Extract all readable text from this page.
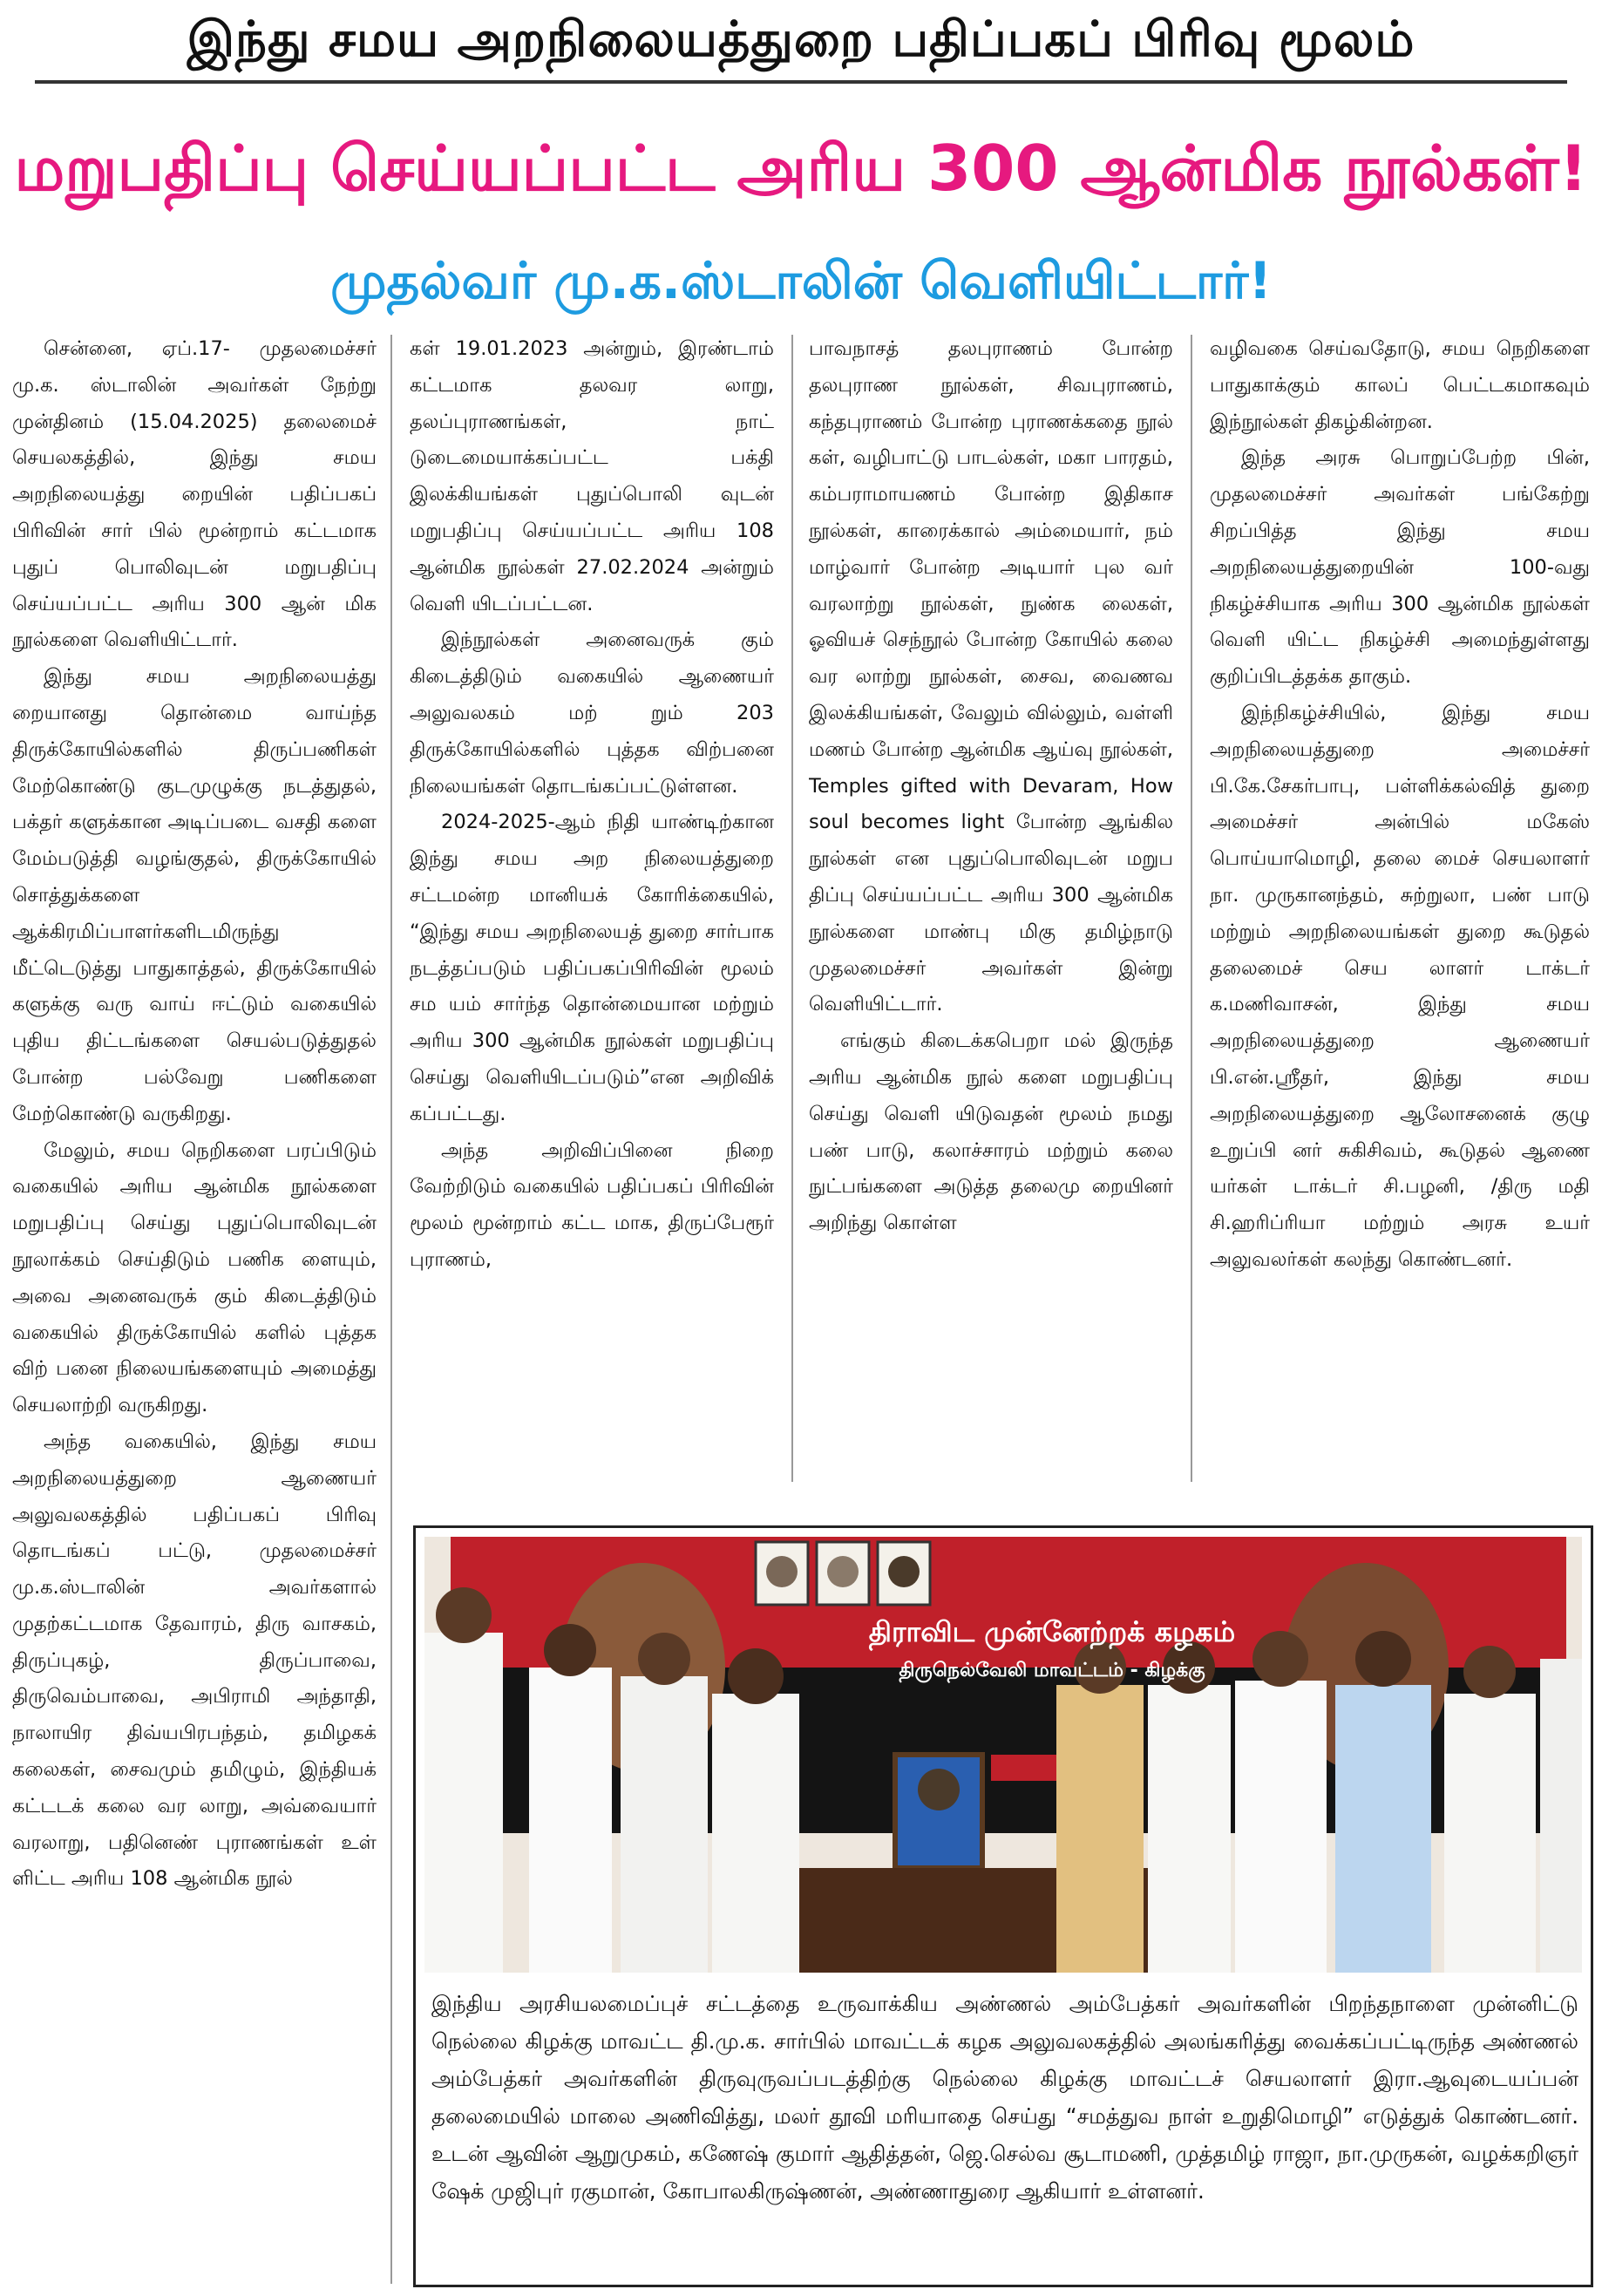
இந்து சமய அறநிலையத்துறை பதிப்பகப் பிரிவு மூலம்
மறுபதிப்பு செய்யப்பட்ட அரிய 300 ஆன்மிக நூல்கள்!
முதல்வர் மு.க.ஸ்டாலின் வெளியிட்டார்!

சென்னை, ஏப்.17- முதலமைச்சர் மு.க. ஸ்டாலின் அவர்கள் நேற்று முன்தினம் (15.04.2025) தலைமைச் செயலகத்தில், இந்து சமய அறநிலையத்து றையின் பதிப்பகப் பிரிவின் சார் பில் மூன்றாம் கட்டமாக புதுப் பொலிவுடன் மறுபதிப்பு செய்யப்பட்ட அரிய 300 ஆன் மிக நூல்களை வெளியிட்டார்.

இந்து சமய அறநிலையத்து றையானது தொன்மை வாய்ந்த திருக்கோயில்களில் திருப்பணிகள் மேற்கொண்டு குடமுழுக்கு நடத்துதல், பக்தர் களுக்கான அடிப்படை வசதி களை மேம்படுத்தி வழங்குதல், திருக்கோயில் சொத்துக்களை ஆக்கிரமிப்பாளர்களிடமிருந்து மீட்டெடுத்து பாதுகாத்தல், திருக்கோயில் களுக்கு வரு வாய் ஈட்டும் வகையில் புதிய திட்டங்களை செயல்படுத்துதல் போன்ற பல்வேறு பணிகளை மேற்கொண்டு வருகிறது.

மேலும், சமய நெறிகளை பரப்பிடும் வகையில் அரிய ஆன்மிக நூல்களை மறுபதிப்பு செய்து புதுப்பொலிவுடன் நூலாக்கம் செய்திடும் பணிக ளையும், அவை அனைவருக் கும் கிடைத்திடும் வகையில் திருக்கோயில் களில் புத்தக விற் பனை நிலையங்களையும் அமைத்து செயலாற்றி வருகிறது.

அந்த வகையில், இந்து சமய அறநிலையத்துறை ஆணையர் அலுவலகத்தில் பதிப்பகப் பிரிவு தொடங்கப் பட்டு, முதலமைச்சர் மு.க.ஸ்டாலின் அவர்களால் முதற்கட்டமாக தேவாரம், திரு வாசகம், திருப்புகழ், திருப்பாவை, திருவெம்பாவை, அபிராமி அந்தாதி, நாலாயிர திவ்யபிரபந்தம், தமிழகக் கலைகள், சைவமும் தமிழும், இந்தியக் கட்டடக் கலை வர லாறு, அவ்வையார் வரலாறு, பதினெண் புராணங்கள் உள் ளிட்ட அரிய 108 ஆன்மிக நூல்

கள் 19.01.2023 அன்றும், இரண்டாம் கட்டமாக தலவர லாறு, தலப்புராணங்கள், நாட் டுடைமையாக்கப்பட்ட பக்தி இலக்கியங்கள் புதுப்பொலி வுடன் மறுபதிப்பு செய்யப்பட்ட அரிய 108 ஆன்மிக நூல்கள் 27.02.2024 அன்றும் வெளி யிடப்பட்டன.

இந்நூல்கள் அனைவருக் கும் கிடைத்திடும் வகையில் ஆணையர் அலுவலகம் மற் றும் 203 திருக்கோயில்களில் புத்தக விற்பனை நிலையங்கள் தொடங்கப்பட்டுள்ளன.

2024-2025-ஆம் நிதி யாண்டிற்கான இந்து சமய அற நிலையத்துறை சட்டமன்ற மானியக் கோரிக்கையில், “இந்து சமய அறநிலையத் துறை சார்பாக நடத்தப்படும் பதிப்பகப்பிரிவின் மூலம் சம யம் சார்ந்த தொன்மையான மற்றும் அரிய 300 ஆன்மிக நூல்கள் மறுபதிப்பு செய்து வெளியிடப்படும்”என அறிவிக் கப்பட்டது.

அந்த அறிவிப்பினை நிறை வேற்றிடும் வகையில் பதிப்பகப் பிரிவின் மூலம் மூன்றாம் கட்ட மாக, திருப்பேரூர் புராணம்,

பாவநாசத் தலபுராணம் போன்ற தலபுராண நூல்கள், சிவபுராணம், கந்தபுராணம் போன்ற புராணக்கதை நூல் கள், வழிபாட்டு பாடல்கள், மகா பாரதம், கம்பராமாயணம் போன்ற இதிகாச நூல்கள், காரைக்கால் அம்மையார், நம் மாழ்வார் போன்ற அடியார் புல வர் வரலாற்று நூல்கள், நுண்க லைகள், ஓவியச் செந்நூல் போன்ற கோயில் கலை வர லாற்று நூல்கள், சைவ, வைணவ இலக்கியங்கள், வேலும் வில்லும், வள்ளி மணம் போன்ற ஆன்மிக ஆய்வு நூல்கள், Temples gifted with Devaram, How soul becomes light போன்ற ஆங்கில நூல்கள் என புதுப்பொலிவுடன் மறுப திப்பு செய்யப்பட்ட அரிய 300 ஆன்மிக நூல்களை மாண்பு மிகு தமிழ்நாடு முதலமைச்சர் அவர்கள் இன்று வெளியிட்டார்.

எங்கும் கிடைக்கபெறா மல் இருந்த அரிய ஆன்மிக நூல் களை மறுபதிப்பு செய்து வெளி யிடுவதன் மூலம் நமது பண் பாடு, கலாச்சாரம் மற்றும் கலை நுட்பங்களை அடுத்த தலைமு றையினர் அறிந்து கொள்ள

வழிவகை செய்வதோடு, சமய நெறிகளை பாதுகாக்கும் காலப் பெட்டகமாகவும் இந்நூல்கள் திகழ்கின்றன.

இந்த அரசு பொறுப்பேற்ற பின், முதலமைச்சர் அவர்கள் பங்கேற்று சிறப்பித்த இந்து சமய அறநிலையத்துறையின் 100-வது நிகழ்ச்சியாக அரிய 300 ஆன்மிக நூல்கள் வெளி யிட்ட நிகழ்ச்சி அமைந்துள்ளது குறிப்பிடத்தக்க தாகும்.

இந்நிகழ்ச்சியில், இந்து சமய அறநிலையத்துறை அமைச்சர் பி.கே.சேகர்பாபு, பள்ளிக்கல்வித் துறை அமைச்சர் அன்பில் மகேஸ் பொய்யாமொழி, தலை மைச் செயலாளர் நா. முருகானந்தம், சுற்றுலா, பண் பாடு மற்றும் அறநிலையங்கள் துறை கூடுதல் தலைமைச் செய லாளர் டாக்டர் க.மணிவாசன், இந்து சமய அறநிலையத்துறை ஆணையர் பி.என்.ஸ்ரீதர், இந்து சமய அறநிலையத்துறை ஆலோசனைக் குழு உறுப்பி னர் சுகிசிவம், கூடுதல் ஆணை யர்கள் டாக்டர் சி.பழனி, /திரு மதி சி.ஹரிப்ரியா மற்றும் அரசு உயர் அலுவலர்கள் கலந்து கொண்டனர்.

திராவிட முன்னேற்றக் கழகம்
திருநெல்வேலி மாவட்டம் - கிழக்கு
இந்திய அரசியலமைப்புச் சட்டத்தை உருவாக்கிய அண்ணல் அம்பேத்கர் அவர்களின் பிறந்தநாளை முன்னிட்டு நெல்லை கிழக்கு மாவட்ட தி.மு.க. சார்பில் மாவட்டக் கழக அலுவலகத்தில் அலங்கரித்து வைக்கப்பட்டிருந்த அண்ணல் அம்பேத்கர் அவர்களின் திருவுருவப்படத்திற்கு நெல்லை கிழக்கு மாவட்டச் செயலாளர் இரா.ஆவுடையப்பன் தலைமையில் மாலை அணிவித்து, மலர் தூவி மரியாதை செய்து “சமத்துவ நாள் உறுதிமொழி” எடுத்துக் கொண்டனர். உடன் ஆவின் ஆறுமுகம், கணேஷ் குமார் ஆதித்தன், ஜெ.செல்வ சூடாமணி, முத்தமிழ் ராஜா, நா.முருகன், வழக்கறிஞர் ஷேக் முஜிபுர் ரகுமான், கோபாலகிருஷ்ணன், அண்ணாதுரை ஆகியார் உள்ளனர்.
